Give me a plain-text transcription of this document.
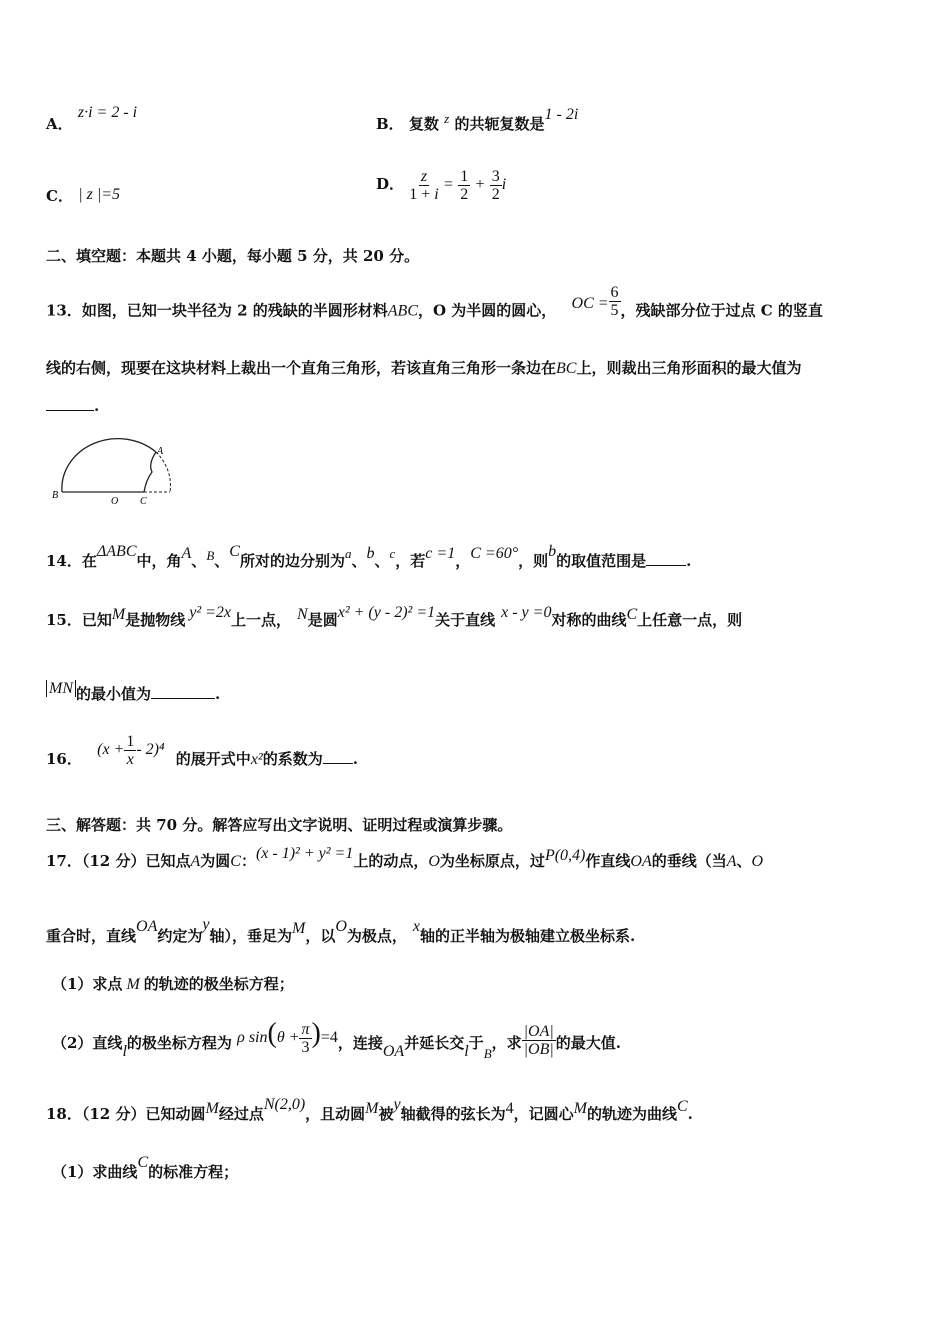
A． z·i = 2 - i
B． 复数 z 的共轭复数是1 - 2i
C． | z |=5
D． $\frac{z}{1 + i} = \frac{1}{2} + \frac{3}{2}$ i
二、填空题：本题共 4 小题，每小题 5 分，共 20 分。
13．如图，已知一块半径为 2 的残缺的半圆形材料ABC，O 为半圆的圆心， OC = $\frac{6}{5}$ ，残缺部分位于过点 C 的竖直
线的右侧，现要在这块材料上裁出一个直角三角形，若该直角三角形一条边在BC上，则裁出三角形面积的最大值为
.
A
B
O C
14．在ΔABC中，角A、B、C所对的边分别为a、b、c，若c =1，C =60°，则b的取值范围是	.
15．已知M是抛物线 y² =2x上一点， N是圆x² + (y - 2)² =1关于直线 x - y =0对称的曲线C上任意一点，则
MN 的最小值为	.
16． $(x + \frac{1}{x} - 2)^4$ 的展开式中x²的系数为 .
三、解答题：共 70 分。解答应写出文字说明、证明过程或演算步骤。
17．（12 分）已知点A为圆C：(x - 1)² + y² =1上的动点，O为坐标原点，过P(0,4)作直线OA的垂线（当A、O
重合时，直线OA约定为y轴），垂足为M，以O为极点，x轴的正半轴为极轴建立极坐标系.
（1）求点 M 的轨迹的极坐标方程；
（2）直线l的极坐标方程为 ρ $\sin(\theta + \frac{\pi}{3} )=4$，连接OA并延长交l于B，求 $\frac{|OA|}{|OB|}$ 的最大值.
18．（12 分）已知动圆M经过点N(2,0)，且动圆M被y轴截得的弦长为4，记圆心M的轨迹为曲线C.
（1）求曲线C的标准方程；
